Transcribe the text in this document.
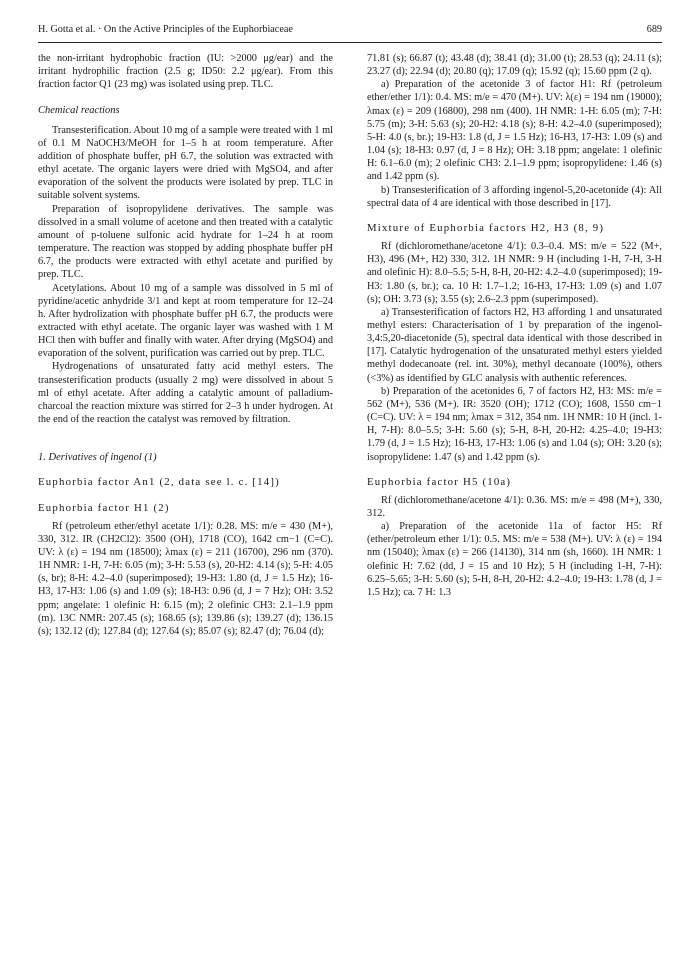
H. Gotta et al. · On the Active Principles of the Euphorbiaceae	689

the non-irritant hydrophobic fraction (IU: >2000 μg/ear) and the irritant hydrophilic fraction (2.5 g; ID50: 2.2 μg/ear). From this fraction factor Q1 (23 mg) was isolated using prep. TLC.

Chemical reactions

Transesterification. About 10 mg of a sample were treated with 1 ml of 0.1 M NaOCH3/MeOH for 1–5 h at room temperature. After addition of phosphate buffer, pH 6.7, the solution was extracted with ethyl acetate. The organic layers were dried with MgSO4, and after evaporation of the solvent the products were isolated by prep. TLC in suitable solvent systems.

Preparation of isopropylidene derivatives. The sample was dissolved in a small volume of acetone and then treated with a catalytic amount of p-toluene sulfonic acid hydrate for 1–24 h at room temperature. The reaction was stopped by adding phosphate buffer pH 6.7, the products were extracted with ethyl acetate and purified by prep. TLC.

Acetylations. About 10 mg of a sample was dissolved in 5 ml of pyridine/acetic anhydride 3/1 and kept at room temperature for 12–24 h. After hydrolization with phosphate buffer pH 6.7, the products were extracted with ethyl acetate. The organic layer was washed with 1 M HCl then with buffer and finally with water. After drying (MgSO4) and evaporation of the solvent, purification was carried out by prep. TLC.

Hydrogenations of unsaturated fatty acid methyl esters. The transesterification products (usually 2 mg) were dissolved in about 5 ml of ethyl acetate. After adding a catalytic amount of palladium-charcoal the reaction mixture was stirred for 2–3 h under hydrogen. At the end of the reaction the catalyst was removed by filtration.

1. Derivatives of ingenol (1)
Euphorbia factor An1 (2, data see l. c. [14])
Euphorbia factor H1 (2)

Rf (petroleum ether/ethyl acetate 1/1): 0.28. MS: m/e = 430 (M+), 330, 312. IR (CH2Cl2): 3500 (OH), 1718 (CO), 1642 cm−1 (C=C). UV: λ (ε) = 194 nm (18500); λmax (ε) = 211 (16700), 296 nm (370). 1H NMR: 1-H, 7-H: 6.05 (m); 3-H: 5.53 (s), 20-H2: 4.14 (s); 5-H: 4.05 (s, br); 8-H: 4.2–4.0 (superimposed); 19-H3: 1.80 (d, J = 1.5 Hz); 16-H3, 17-H3: 1.06 (s) and 1.09 (s); 18-H3: 0.96 (d, J = 7 Hz); OH: 3.52 ppm; angelate: 1 olefinic H: 6.15 (m); 2 olefinic CH3: 2.1–1.9 ppm (m). 13C NMR: 207.45 (s); 168.65 (s); 139.86 (s); 139.27 (d); 136.15 (s); 132.12 (d); 127.84 (d); 127.64 (s); 85.07 (s); 82.47 (d); 76.04 (d);

71.81 (s); 66.87 (t); 43.48 (d); 38.41 (d); 31.00 (t); 28.53 (q); 24.11 (s); 23.27 (d); 22.94 (d); 20.80 (q); 17.09 (q); 15.92 (q); 15.60 ppm (2 q).

a) Preparation of the acetonide 3 of factor H1: Rf (petroleum ether/ether 1/1): 0.4. MS: m/e = 470 (M+). UV: λ(ε) = 194 nm (19000); λmax (ε) = 209 (16800), 298 nm (400). 1H NMR: 1-H: 6.05 (m); 7-H: 5.75 (m); 3-H: 5.63 (s); 20-H2: 4.18 (s); 8-H: 4.2–4.0 (superimposed); 5-H: 4.0 (s, br.); 19-H3: 1.8 (d, J = 1.5 Hz); 16-H3, 17-H3: 1.09 (s) and 1.04 (s); 18-H3: 0.97 (d, J = 8 Hz); OH: 3.18 ppm; angelate: 1 olefinic H: 6.1–6.0 (m); 2 olefinic CH3: 2.1–1.9 ppm; isopropylidene: 1.46 (s) and 1.42 ppm (s).

b) Transesterification of 3 affording ingenol-5,20-acetonide (4): All spectral data of 4 are identical with those described in [17].

Mixture of Euphorbia factors H2, H3 (8, 9)

Rf (dichloromethane/acetone 4/1): 0.3–0.4. MS: m/e = 522 (M+, H3), 496 (M+, H2) 330, 312. 1H NMR: 9 H (including 1-H, 7-H, 3-H and olefinic H): 8.0–5.5; 5-H, 8-H, 20-H2: 4.2–4.0 (superimposed); 19-H3: 1.80 (s, br.); ca. 10 H: 1.7–1.2; 16-H3, 17-H3: 1.09 (s) and 1.07 (s); OH: 3.73 (s); 3.55 (s); 2.6–2.3 ppm (superimposed).

a) Transesterification of factors H2, H3 affording 1 and unsaturated methyl esters: Characterisation of 1 by preparation of the ingenol-3,4:5,20-diacetonide (5), spectral data identical with those described in [17]. Catalytic hydrogenation of the unsaturated methyl esters yielded methyl dodecanoate (rel. int. 30%), methyl decanoate (100%), others (<3%) as identified by GLC analysis with authentic references.

b) Preparation of the acetonides 6, 7 of factors H2, H3: MS: m/e = 562 (M+), 536 (M+). IR: 3520 (OH); 1712 (CO); 1608, 1550 cm−1 (C=C). UV: λ = 194 nm; λmax = 312, 354 nm. 1H NMR: 10 H (incl. 1-H, 7-H): 8.0–5.5; 3-H: 5.60 (s); 5-H, 8-H, 20-H2: 4.25–4.0; 19-H3: 1.79 (d, J = 1.5 Hz); 16-H3, 17-H3: 1.06 (s) and 1.04 (s); OH: 3.20 (s); isopropylidene: 1.47 (s) and 1.42 ppm (s).

Euphorbia factor H5 (10a)

Rf (dichloromethane/acetone 4/1): 0.36. MS: m/e = 498 (M+), 330, 312.

a) Preparation of the acetonide 11a of factor H5: Rf (ether/petroleum ether 1/1): 0.5. MS: m/e = 538 (M+). UV: λ (ε) = 194 nm (15040); λmax (ε) = 266 (14130), 314 nm (sh, 1660). 1H NMR: 1 olefinic H: 7.62 (dd, J = 15 and 10 Hz); 5 H (including 1-H, 7-H): 6.25–5.65; 3-H: 5.60 (s); 5-H, 8-H, 20-H2: 4.2–4.0; 19-H3: 1.78 (d, J = 1.5 Hz); ca. 7 H: 1.3
